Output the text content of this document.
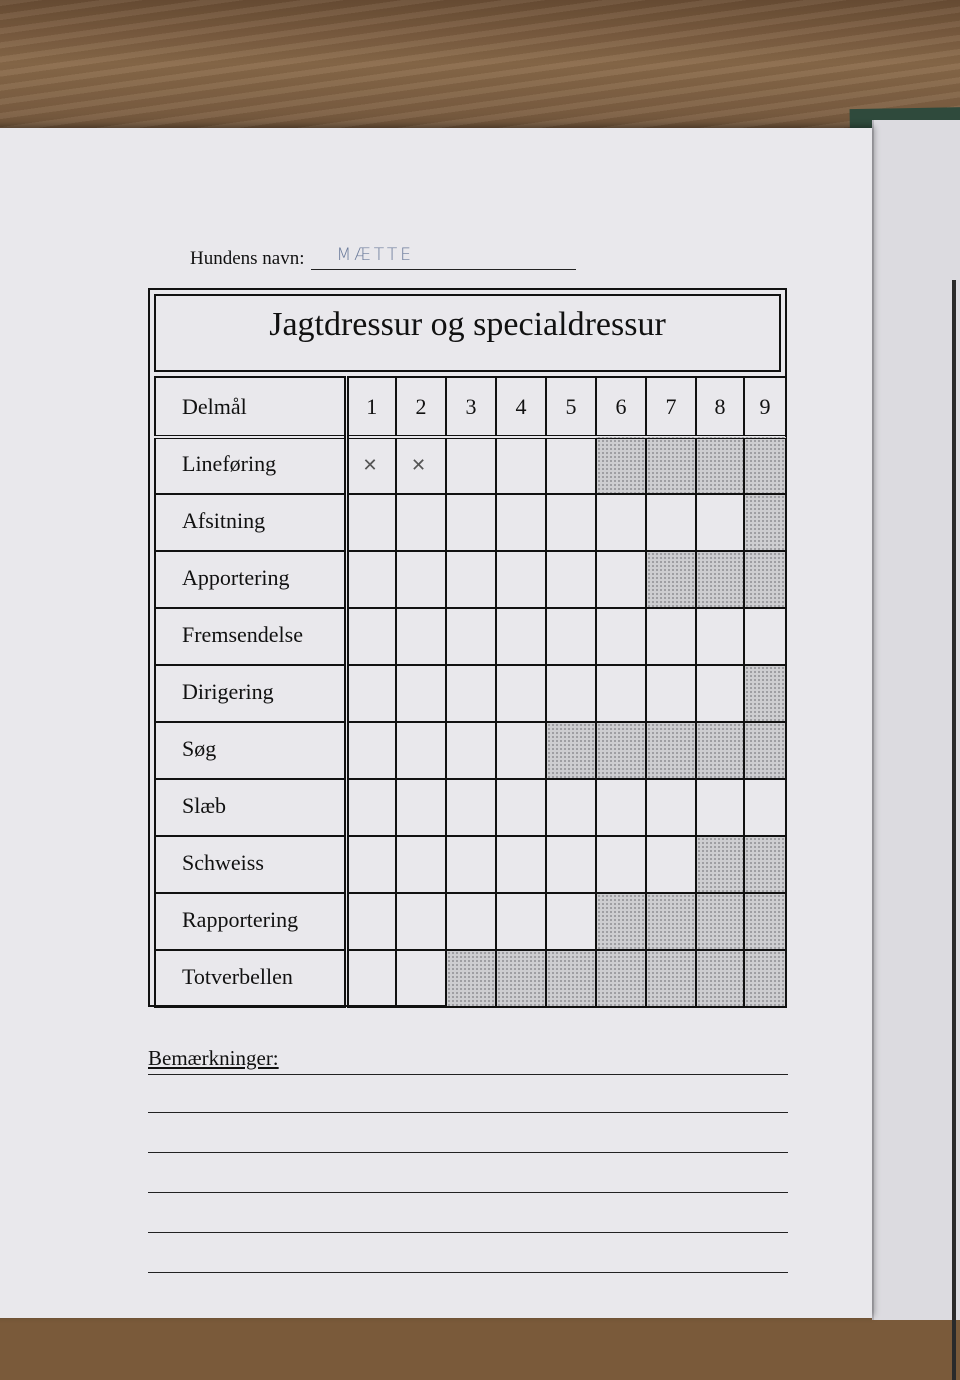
Hundens navn: MÆTTE
Jagtdressur og specialdressur
Delmål	1	2	3	4	5	6	7	8	9
Lineføring	✕	✕							

Afsitning									
Apportering									
Fremsendelse									
Dirigering									
Søg									
Slæb									
Schweiss									
Rapportering									
Totverbellen									
Bemærkninger:
